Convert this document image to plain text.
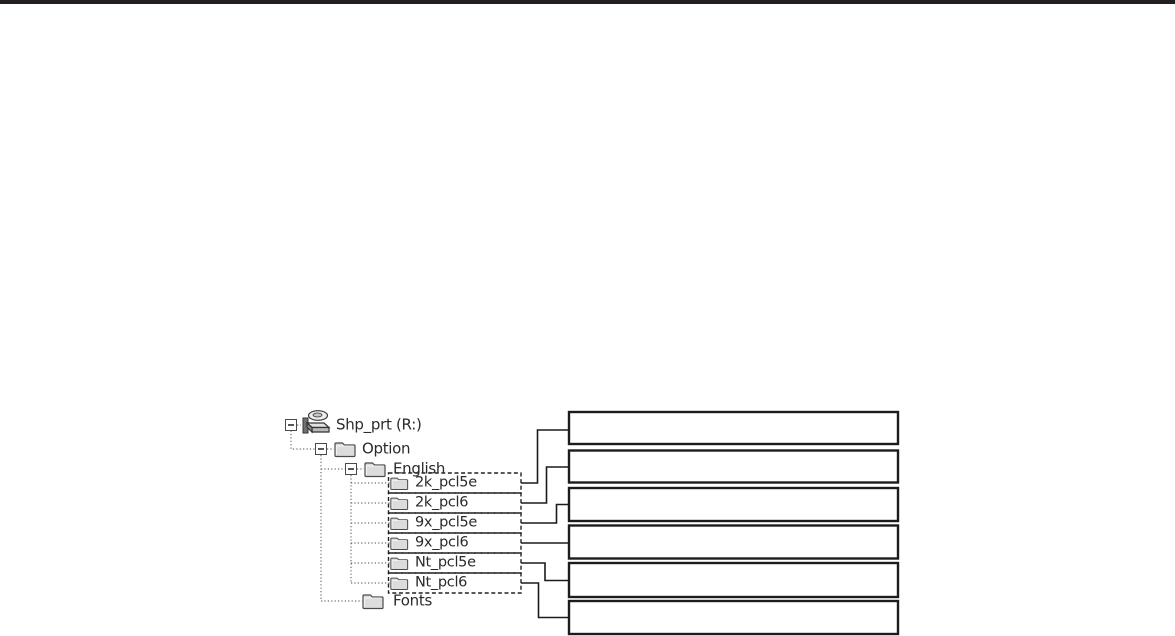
Shp_prt (R:)
Option
English
2k_pcl5e
2k_pcl6
9x_pcl5e
9x_pcl6
Nt_pcl5e
Nt_pcl6
Fonts
